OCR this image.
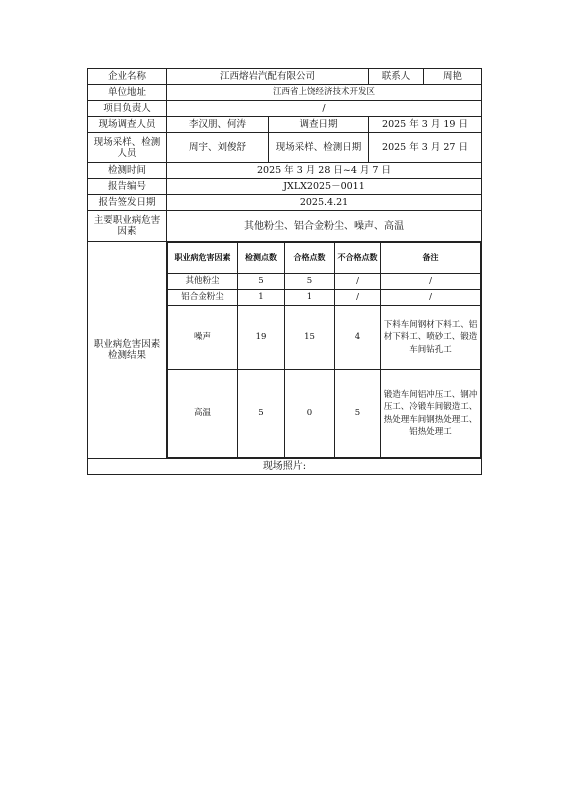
企业名称	江西熔岩汽配有限公司	联系人	周艳
单位地址	江西省上饶经济技术开发区
项目负责人	/
现场调查人员	李汉朋、何涛	调查日期	2025 年 3 月 19 日
现场采样、检测人员	周宇、刘俊舒	现场采样、检测日期	2025 年 3 月 27 日
检测时间	2025 年 3 月 28 日~4 月 7 日
报告编号	JXLX2025－0011
报告签发日期	2025.4.21
主要职业病危害因素	其他粉尘、铝合金粉尘、噪声、高温
职业病危害因素检测结果	
职业病危害因素	检测点数	合格点数	不合格点数	备注
其他粉尘	5	5	/	/
铝合金粉尘	1	1	/	/
噪声	19	15	4	下料车间钢材下料工、铝材下料工、喷砂工、锻造车间钻孔工
高温	5	0	5	锻造车间铝冲压工、钢冲压工、冷锻车间锻造工、热处理车间钢热处理工、铝热处理工

现场照片:
